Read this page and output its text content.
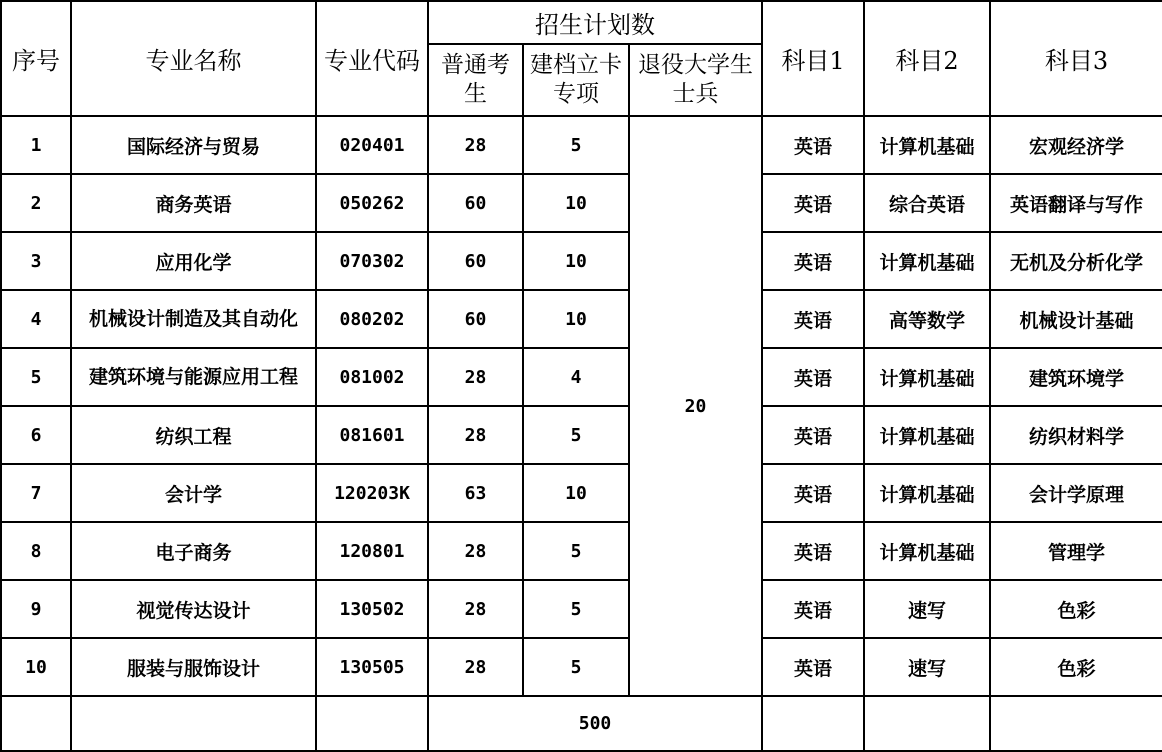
序号	专业名称	专业代码	招生计划数			科目1	科目2	科目3
			普通考生	建档立卡专项	退役大学生士兵			
1	国际经济与贸易	020401	28	5	20	英语	计算机基础	宏观经济学
2	商务英语	050262	60	10		英语	综合英语	英语翻译与写作
3	应用化学	070302	60	10		英语	计算机基础	无机及分析化学
4	机械设计制造及其自动化	080202	60	10		英语	高等数学	机械设计基础
5	建筑环境与能源应用工程	081002	28	4		英语	计算机基础	建筑环境学
6	纺织工程	081601	28	5		英语	计算机基础	纺织材料学
7	会计学	120203K	63	10		英语	计算机基础	会计学原理
8	电子商务	120801	28	5		英语	计算机基础	管理学
9	视觉传达设计	130502	28	5		英语	速写	色彩
10	服装与服饰设计	130505	28	5		英语	速写	色彩
			500					
